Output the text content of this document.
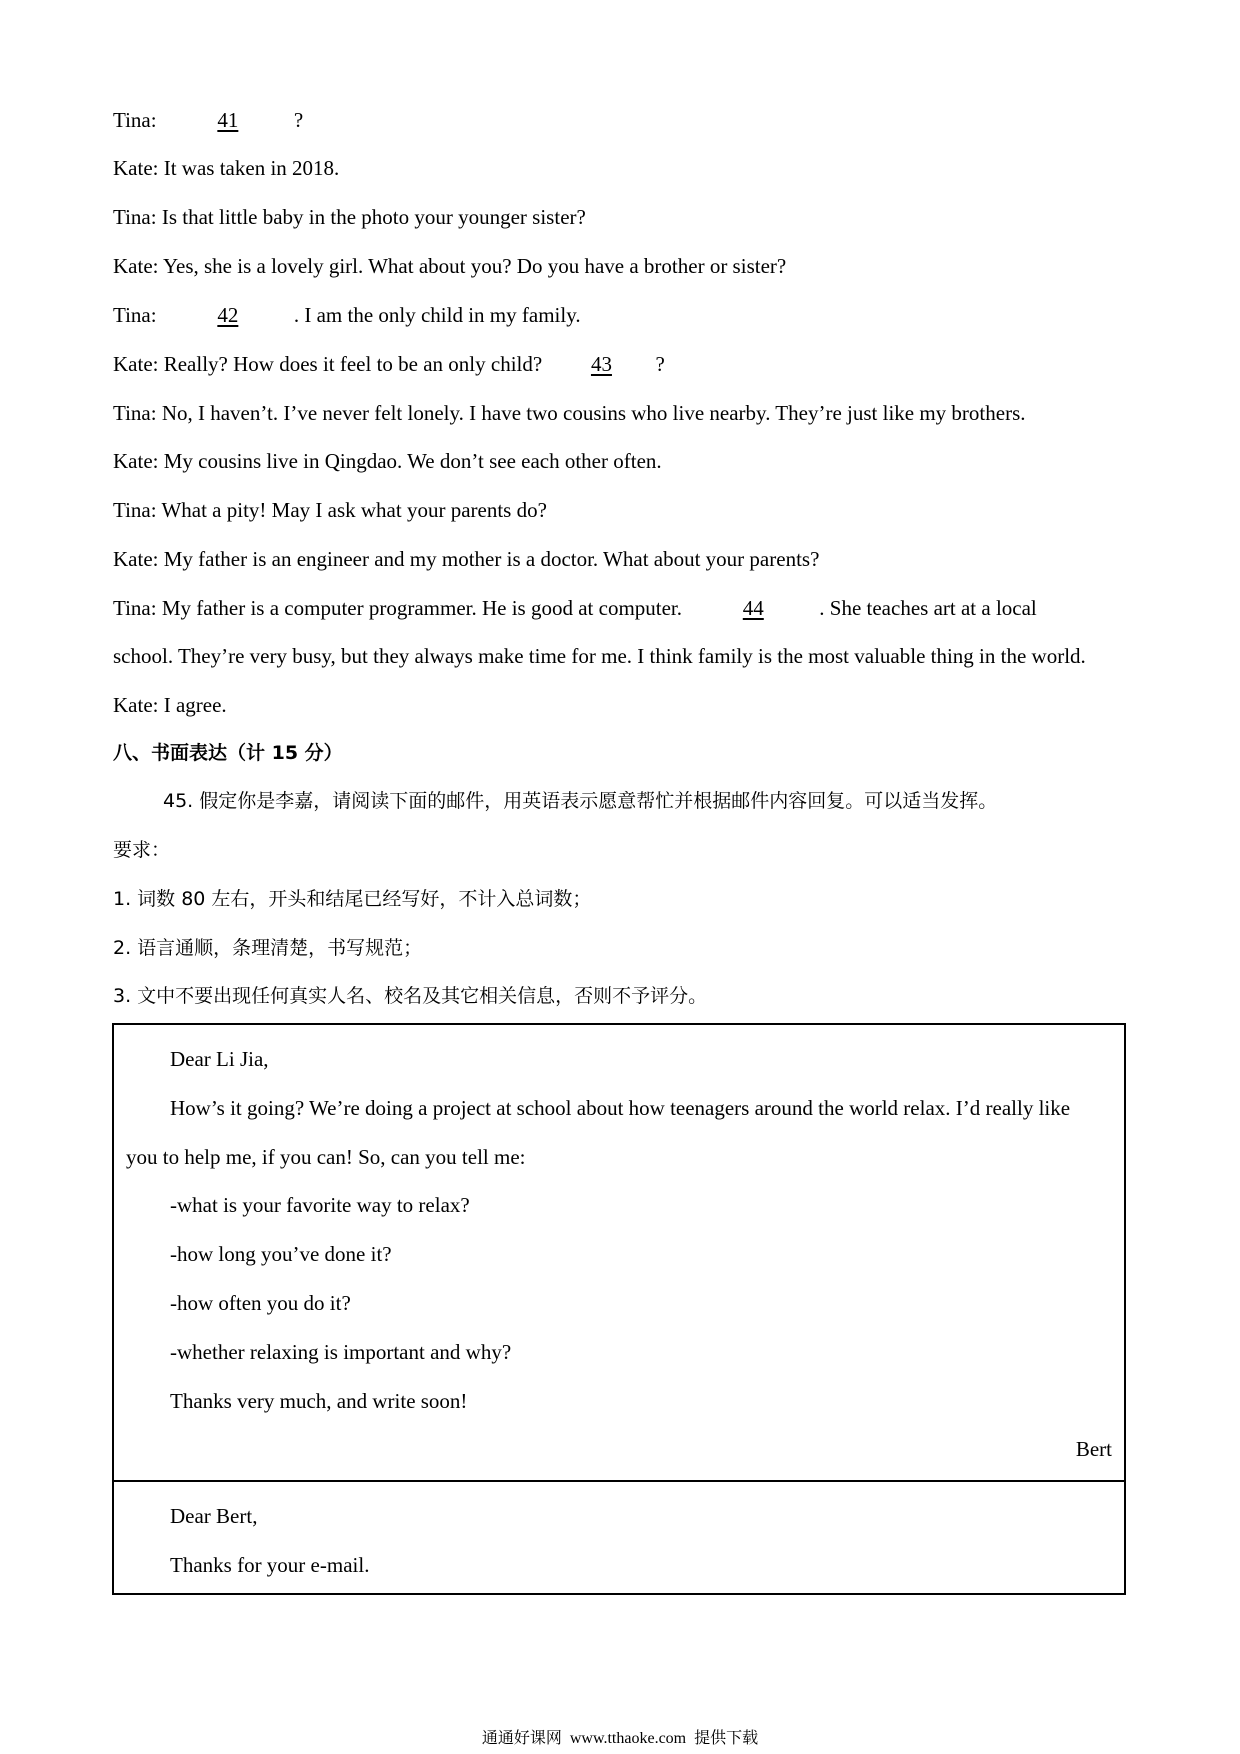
Tina:	41	?
Kate: It was taken in 2018.
Tina: Is that little baby in the photo your younger sister?
Kate: Yes, she is a lovely girl. What about you? Do you have a brother or sister?
Tina:	42	. I am the only child in my family.
Kate: Really? How does it feel to be an only child? 43 ?
Tina: No, I haven’t. I’ve never felt lonely. I have two cousins who live nearby. They’re just like my brothers.
Kate: My cousins live in Qingdao. We don’t see each other often.
Tina: What a pity! May I ask what your parents do?
Kate: My father is an engineer and my mother is a doctor. What about your parents?
Tina: My father is a computer programmer. He is good at computer.	44	. She teaches art at a local
school. They’re very busy, but they always make time for me. I think family is the most valuable thing in the world.
Kate: I agree.
八、书面表达（计 15 分）
45. 假定你是李嘉，请阅读下面的邮件，用英语表示愿意帮忙并根据邮件内容回复。可以适当发挥。
要求：
1. 词数 80 左右，开头和结尾已经写好，不计入总词数；
2. 语言通顺，条理清楚，书写规范；
3. 文中不要出现任何真实人名、校名及其它相关信息，否则不予评分。
Dear Li Jia,
How’s it going? We’re doing a project at school about how teenagers around the world relax. I’d really like
you to help me, if you can! So, can you tell me:
-what is your favorite way to relax?
-how long you’ve done it?
-how often you do it?
-whether relaxing is important and why?
Thanks very much, and write soon!
Bert
Dear Bert,
Thanks for your e-mail.
通通好课网 www.tthaoke.com 提供下载
